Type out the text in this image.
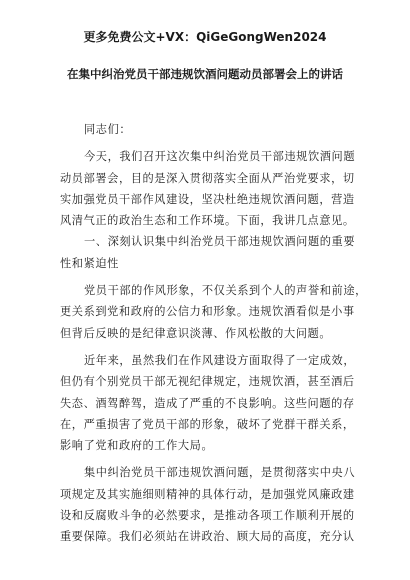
更多免费公文+VX：QiGeGongWen2024
在集中纠治党员干部违规饮酒问题动员部署会上的讲话
同志们：
今天，我们召开这次集中纠治党员干部违规饮酒问题
动员部署会，目的是深入贯彻落实全面从严治党要求，切
实加强党员干部作风建设，坚决杜绝违规饮酒问题，营造
风清气正的政治生态和工作环境。下面，我讲几点意见。
一、深刻认识集中纠治党员干部违规饮酒问题的重要
性和紧迫性
党员干部的作风形象，不仅关系到个人的声誉和前途，
更关系到党和政府的公信力和形象。违规饮酒看似是小事
但背后反映的是纪律意识淡薄、作风松散的大问题。
近年来，虽然我们在作风建设方面取得了一定成效，
但仍有个别党员干部无视纪律规定，违规饮酒，甚至酒后
失态、酒驾醉驾，造成了严重的不良影响。这些问题的存
在，严重损害了党员干部的形象，破坏了党群干群关系，
影响了党和政府的工作大局。
集中纠治党员干部违规饮酒问题，是贯彻落实中央八
项规定及其实施细则精神的具体行动，是加强党风廉政建
设和反腐败斗争的必然要求，是推动各项工作顺利开展的
重要保障。我们必须站在讲政治、顾大局的高度，充分认
